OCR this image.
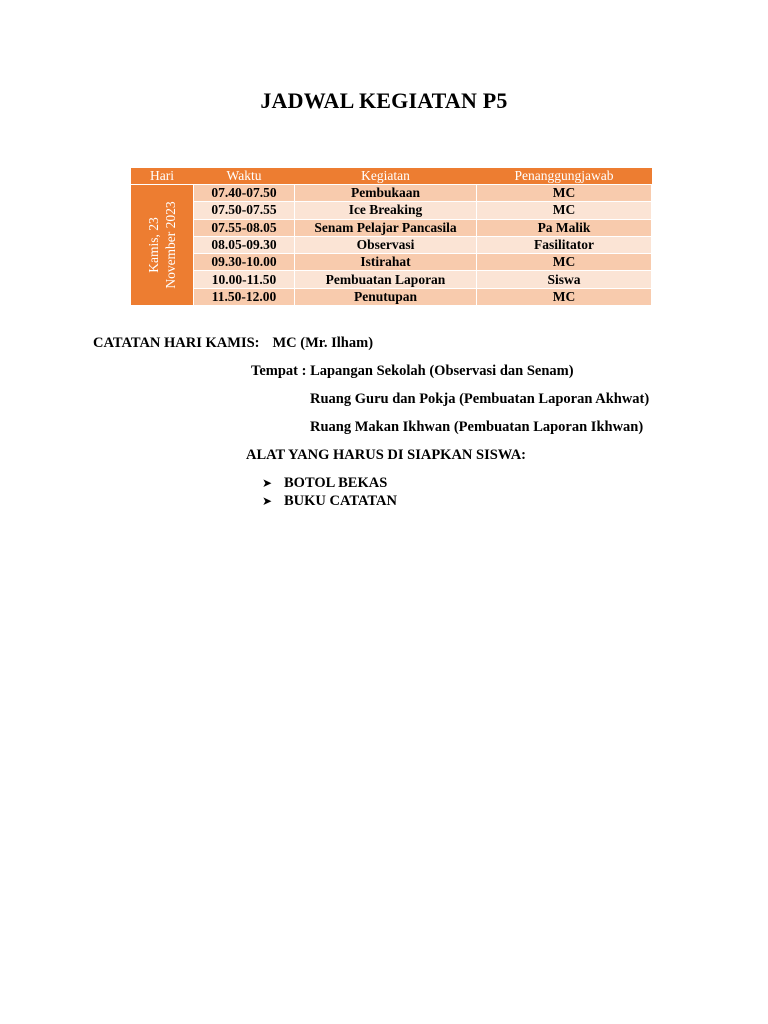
JADWAL KEGIATAN P5
Hari	Waktu	Kegiatan	Penanggungjawab

Kamis, 23 November 2023	07.40-07.50	Pembukaan	MC
	07.50-07.55	Ice Breaking	MC
	07.55-08.05	Senam Pelajar Pancasila	Pa Malik
	08.05-09.30	Observasi	Fasilitator
	09.30-10.00	Istirahat	MC
	10.00-11.50	Pembuatan Laporan	Siswa
	11.50-12.00	Penutupan	MC
CATATAN HARI KAMIS: MC (Mr. Ilham)
Tempat : Lapangan Sekolah (Observasi dan Senam)
Ruang Guru dan Pokja (Pembuatan Laporan Akhwat)
Ruang Makan Ikhwan (Pembuatan Laporan Ikhwan)
ALAT YANG HARUS DI SIAPKAN SISWA:
➤ BOTOL BEKAS
➤ BUKU CATATAN
